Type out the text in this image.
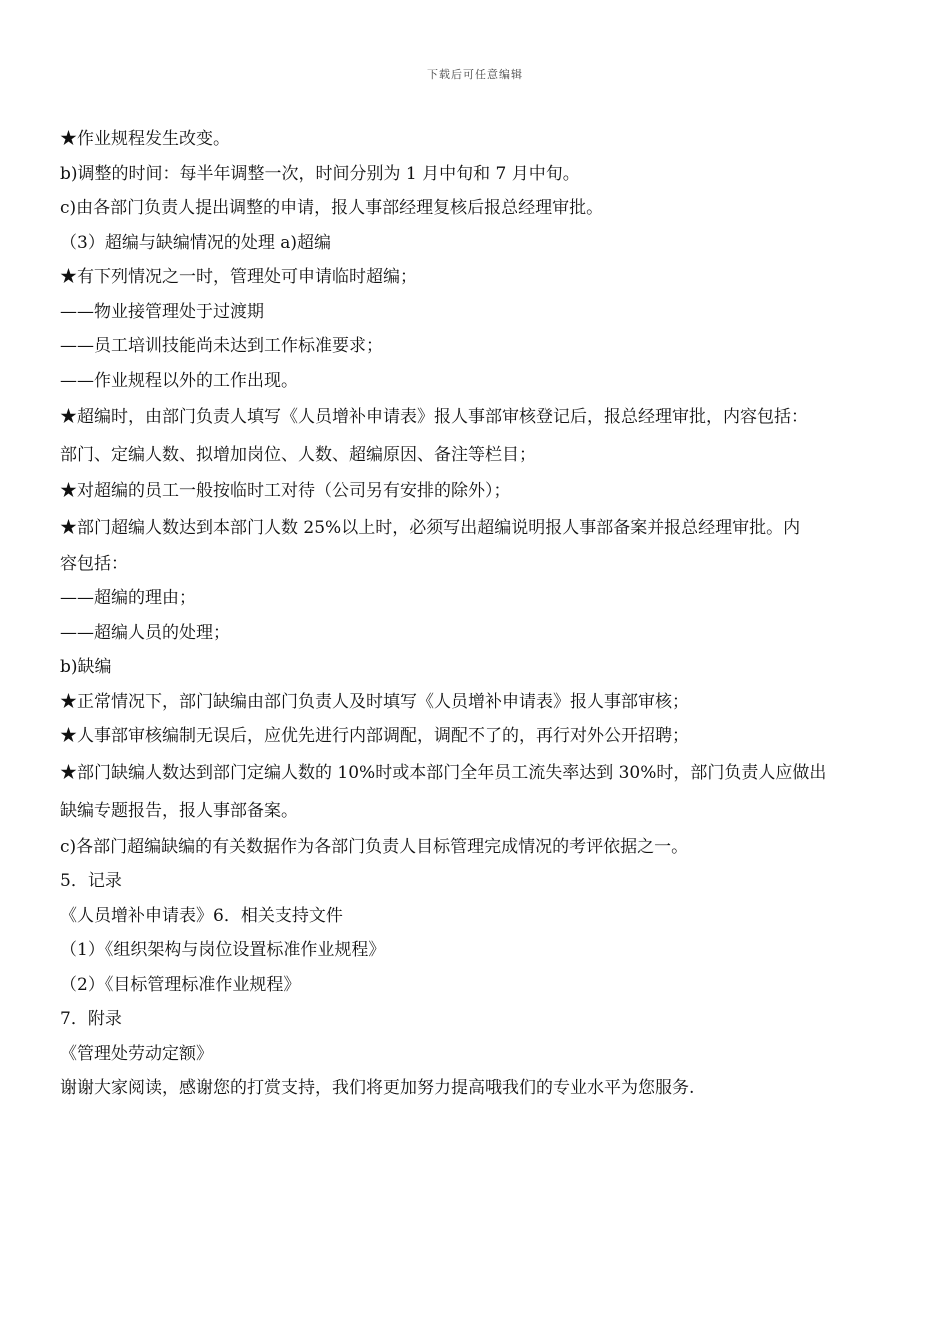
下载后可任意编辑
★作业规程发生改变。
b)调整的时间：每半年调整一次，时间分别为 1 月中旬和 7 月中旬。
c)由各部门负责人提出调整的申请，报人事部经理复核后报总经理审批。
（3）超编与缺编情况的处理 a)超编
★有下列情况之一时，管理处可申请临时超编；
——物业接管理处于过渡期
——员工培训技能尚未达到工作标准要求；
——作业规程以外的工作出现。
★超编时，由部门负责人填写《人员增补申请表》报人事部审核登记后，报总经理审批，内容包括：
部门、定编人数、拟增加岗位、人数、超编原因、备注等栏目；
★对超编的员工一般按临时工对待（公司另有安排的除外）；
★部门超编人数达到本部门人数 25%以上时，必须写出超编说明报人事部备案并报总经理审批。内
容包括：
——超编的理由；
——超编人员的处理；
b)缺编
★正常情况下，部门缺编由部门负责人及时填写《人员增补申请表》报人事部审核；
★人事部审核编制无误后，应优先进行内部调配，调配不了的，再行对外公开招聘；
★部门缺编人数达到部门定编人数的 10%时或本部门全年员工流失率达到 30%时，部门负责人应做出
缺编专题报告，报人事部备案。
c)各部门超编缺编的有关数据作为各部门负责人目标管理完成情况的考评依据之一。
5．记录
《人员增补申请表》6．相关支持文件
（1）《组织架构与岗位设置标准作业规程》
（2）《目标管理标准作业规程》
7．附录
《管理处劳动定额》
谢谢大家阅读，感谢您的打赏支持，我们将更加努力提高哦我们的专业水平为您服务.
